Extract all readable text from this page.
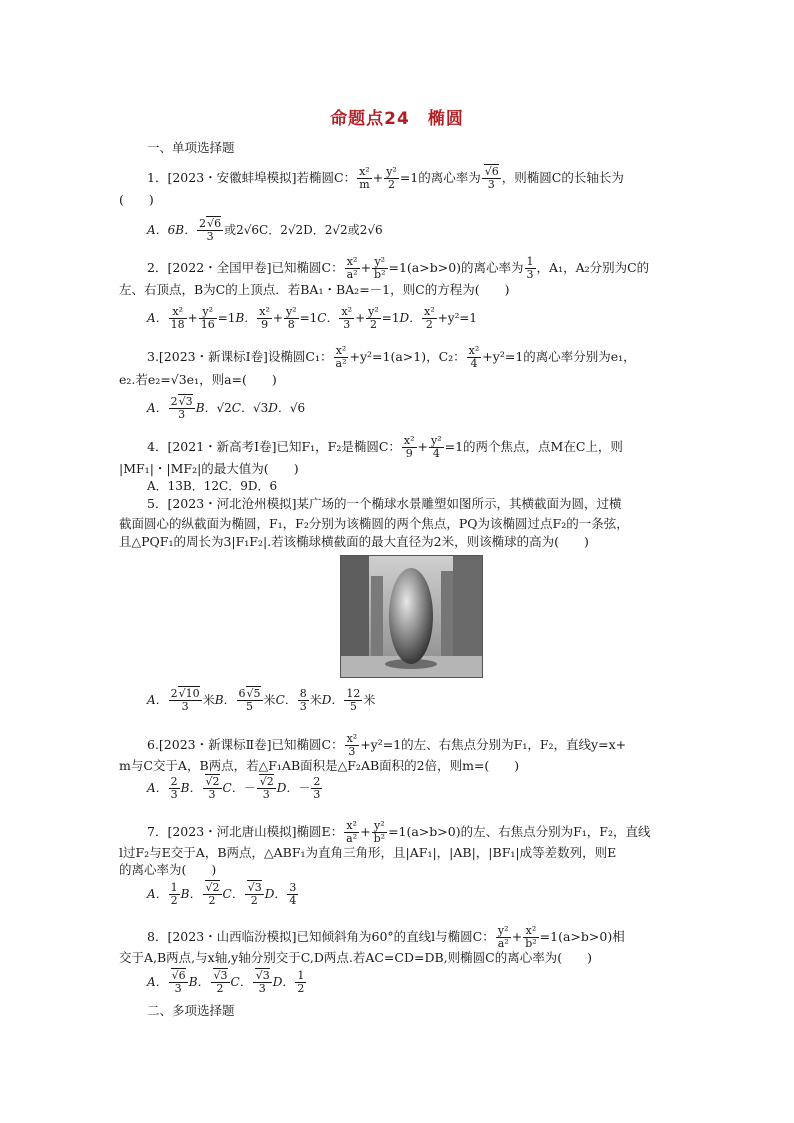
命题点24　椭圆
一、单项选择题
1．[2023・安徽蚌埠模拟]若椭圆C： $\frac{\text{x²}}{m} + \frac{\text{y²}}{2} =1$的离心率为 $\frac{√6}{3}$ ，则椭圆C的长轴长为
(　　)
A．6B． $\frac{2√6}{3}$ 或2√6C．2√2D．2√2或2√6
2．[2022・全国甲卷]已知椭圆C： $\frac{\text{x²}}{\text{a²}} + \frac{\text{y²}}{\text{b²}} =1(a>b>0)$的离心率为 $\frac{1}{3}$ ，A₁，A₂分别为C的
左、右顶点，B为C的上顶点．若BA₁・BA₂=－1，则C的方程为(　　)
A． $\frac{\text{x²}}{18} + \frac{\text{y²}}{16} =1B$． $\frac{\text{x²}}{9} + \frac{\text{y²}}{8} =1C$． $\frac{\text{x²}}{3} + \frac{\text{y²}}{2} =1D$． $\frac{\text{x²}}{2} +y^2=1$
3.[2023・新课标Ⅰ卷]设椭圆C₁： $\frac{\text{x²}}{\text{a²}} +y^2=1(a>1)$，C₂： $\frac{\text{x²}}{4} +y^2=1$的离心率分别为e₁，
e₂.若e₂=√3e₁，则a=(　　)
A． $\frac{2√3}{3}$ B．√2C．√3D．√6
4．[2021・新高考Ⅰ卷]已知F₁，F₂是椭圆C： $\frac{\text{x²}}{9} + \frac{\text{y²}}{4} =1$的两个焦点，点M在C上，则
|MF₁|・|MF₂|的最大值为(　　)
A．13B．12C．9D．6
5．[2023・河北沧州模拟]某广场的一个椭球水景雕塑如图所示，其横截面为圆，过横
截面圆心的纵截面为椭圆，F₁，F₂分别为该椭圆的两个焦点，PQ为该椭圆过点F₂的一条弦，
且△PQF₁的周长为3|F₁F₂|.若该椭球横截面的最大直径为2米，则该椭球的高为(　　)
A． $\frac{2√10}{3}$ 米B． $\frac{6√5}{5}$ 米C． $\frac{8}{3}$ 米D． $\frac{12}{5}$ 米
6.[2023・新课标Ⅱ卷]已知椭圆C： $\frac{\text{x²}}{3} +y^2=1$的左、右焦点分别为F₁，F₂，直线y=x+
m与C交于A，B两点，若△F₁AB面积是△F₂AB面积的2倍，则m=(　　)
A． $\frac{2}{3}$ B． $\frac{√2}{3}$ C．－ $\frac{√2}{3}$ D．－ $\frac{2}{3}$
7．[2023・河北唐山模拟]椭圆E： $\frac{\text{x²}}{\text{a²}} + \frac{\text{y²}}{\text{b²}} =1(a>b>0)$的左、右焦点分别为F₁，F₂，直线
l过F₂与E交于A，B两点，△ABF₁为直角三角形，且|AF₁|，|AB|，|BF₁|成等差数列，则E
的离心率为(　　)
A． $\frac{1}{2}$ B． $\frac{√2}{2}$ C． $\frac{√3}{2}$ D． $\frac{3}{4}$
8．[2023・山西临汾模拟]已知倾斜角为60°的直线l与椭圆C： $\frac{\text{y²}}{\text{a²}} + \frac{\text{x²}}{\text{b²}} =1(a>b>0)$相
交于A,B两点,与x轴,y轴分别交于C,D两点.若AC=CD=DB,则椭圆C的离心率为(　　)
A． $\frac{√6}{3}$ B． $\frac{√3}{2}$ C． $\frac{√3}{3}$ D． $\frac{1}{2}$
二、多项选择题
